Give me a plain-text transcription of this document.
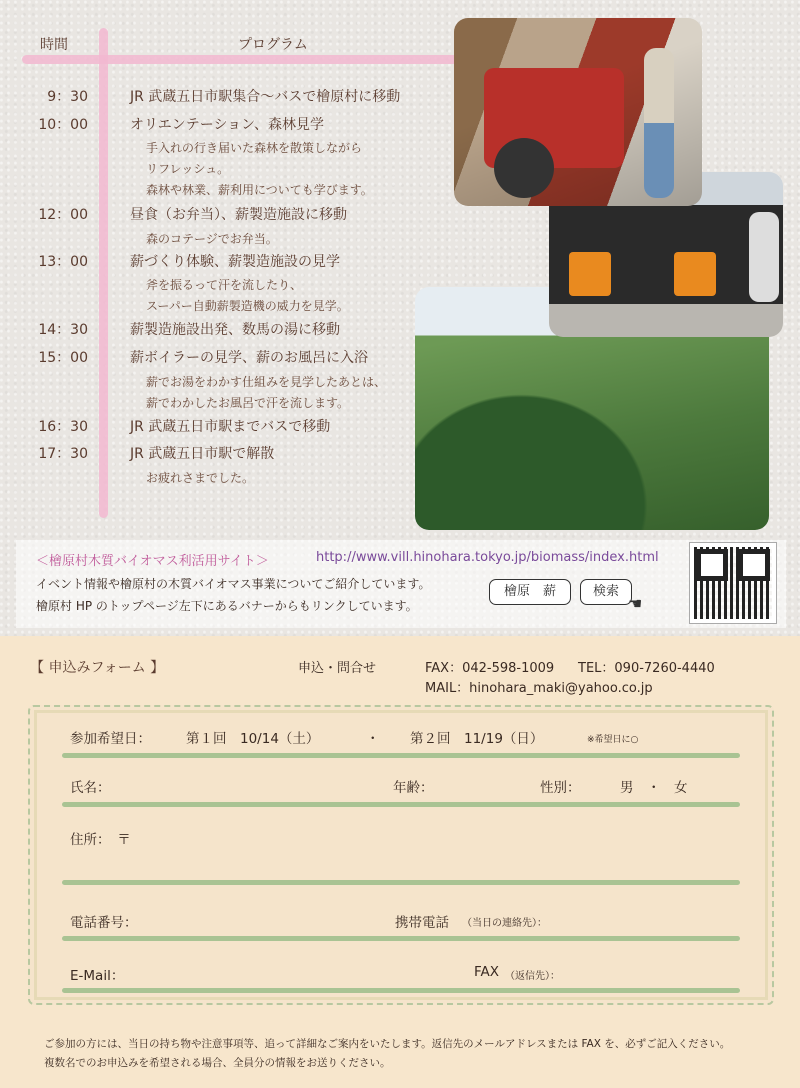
時間	プログラム
9：30	JR 武蔵五日市駅集合～バスで檜原村に移動
10：00	オリエンテーション、森林見学
手入れの行き届いた森林を散策しながら
リフレッシュ。
森林や林業、薪利用についても学びます。
12：00	昼食（お弁当）、薪製造施設に移動
森のコテージでお弁当。
13：00	薪づくり体験、薪製造施設の見学
斧を振るって汗を流したり、
スーパー自動薪製造機の威力を見学。
14：30	薪製造施設出発、数馬の湯に移動
15：00	薪ボイラーの見学、薪のお風呂に入浴
薪でお湯をわかす仕組みを見学したあとは、
薪でわかしたお風呂で汗を流します。
16：30	JR 武蔵五日市駅までバスで移動
17：30	JR 武蔵五日市駅で解散
お疲れさまでした。
＜檜原村木質バイオマス利活用サイト＞	http://www.vill.hinohara.tokyo.jp/biomass/index.html
イベント情報や檜原村の木質バイオマス事業についてご紹介しています。
檜原村 HP のトップページ左下にあるバナーからもリンクしています。
檜原　薪	検索
☚
【 申込みフォーム 】	申込・問合せ	FAX：042-598-1009 TEL：090-7260-4440
MAIL：hinohara_maki@yahoo.co.jp
参加希望日：	第１回　10/14（土）	・ 第２回　11/19（日）	※希望日に○
氏名：	年齢：	性別：	男　・　女
住所：　〒
電話番号：	携帯電話 （当日の連絡先）：
E-Mail：	FAX （返信先）：
ご参加の方には、当日の持ち物や注意事項等、追って詳細なご案内をいたします。返信先のメールアドレスまたは FAX を、必ずご記入ください。
複数名でのお申込みを希望される場合、全員分の情報をお送りください。
